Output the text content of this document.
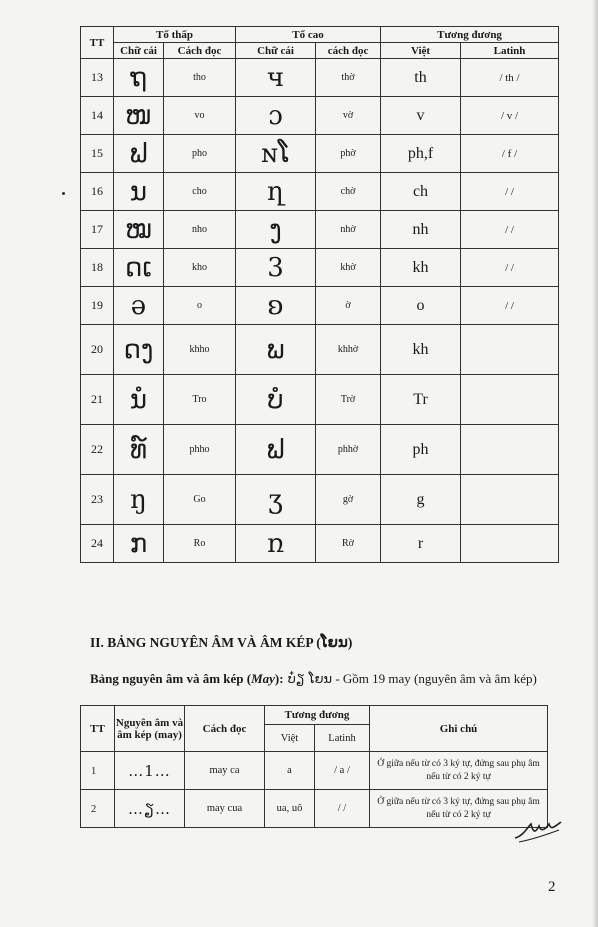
TT	Tổ thấp		Tổ cao		Tương đương	
	Chữ cái	Cách đọc	Chữ cái	cách đọc	Việt	Latinh
13	ຖ	tho	ч	thờ	th	/ th /
14	ໜ	vo	ɔ	vờ	v	/ v /
15	ຟ	pho	ɴໂ	phờ	ph,f	/ f /
16	ນ	cho	ղ	chờ	ch	/ /
17	ໝ	nho	ງ	nhờ	nh	/ /
18	ດເ	kho	3	khờ	kh	/ /
19	ə	o	ʚ	ờ	o	/ /
20	ດງ	khho	ພ	khhờ	kh	
21	ນໍ	Tro	ບໍ	Trờ	Tr	
22	ທ໌	phho	ຟ	phhờ	ph	
23	ŋ	Go	ʒ	gờ	g	
24	ກ	Ro	ռ	Rờ	r	
II. BẢNG NGUYÊN ÂM VÀ ÂM KÉP (ໂຍນ)
Bảng nguyên âm và âm kép (May): ບ໋ຽ ໂຍນ - Gồm 19 may (nguyên âm và âm kép)
TT	Nguyên âm và âm kép (may)	Cách đọc	Tương đương		Ghi chú
			Việt	Latinh	
1	…1…	may ca	a	/ a /	Ở giữa nếu từ có 3 ký tự, đứng sau phụ âm nếu từ có 2 ký tự
2	…ຽ…	may cua	ua, uô	/ /	Ở giữa nếu từ có 3 ký tự, đứng sau phụ âm nếu từ có 2 ký tự
2
